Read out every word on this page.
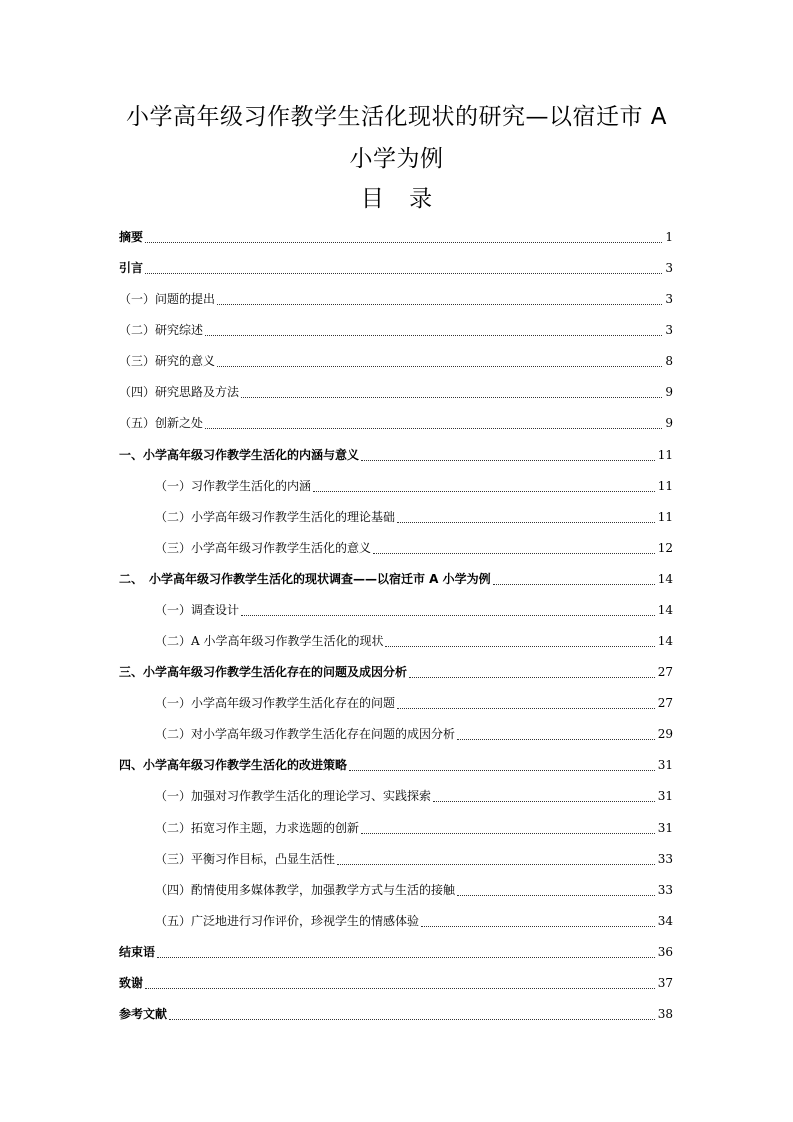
小学高年级习作教学生活化现状的研究—以宿迁市 A
小学为例
目 录
摘要	1
引言	3
（一）问题的提出	3
（二）研究综述	3
（三）研究的意义	8
（四）研究思路及方法	9
（五）创新之处	9
一、小学高年级习作教学生活化的内涵与意义	11
（一）习作教学生活化的内涵	11
（二）小学高年级习作教学生活化的理论基础	11
（三）小学高年级习作教学生活化的意义	12
二、　小学高年级习作教学生活化的现状调查——以宿迁市 A 小学为例	14
（一）调查设计	14
（二）A 小学高年级习作教学生活化的现状	14
三、小学高年级习作教学生活化存在的问题及成因分析	27
（一）小学高年级习作教学生活化存在的问题	27
（二）对小学高年级习作教学生活化存在问题的成因分析	29
四、小学高年级习作教学生活化的改进策略	31
（一）加强对习作教学生活化的理论学习、实践探索	31
（二）拓宽习作主题，力求选题的创新	31
（三）平衡习作目标，凸显生活性	33
（四）酌情使用多媒体教学，加强教学方式与生活的接触	33
（五）广泛地进行习作评价，珍视学生的情感体验	34
结束语	36
致谢	37
参考文献	38
